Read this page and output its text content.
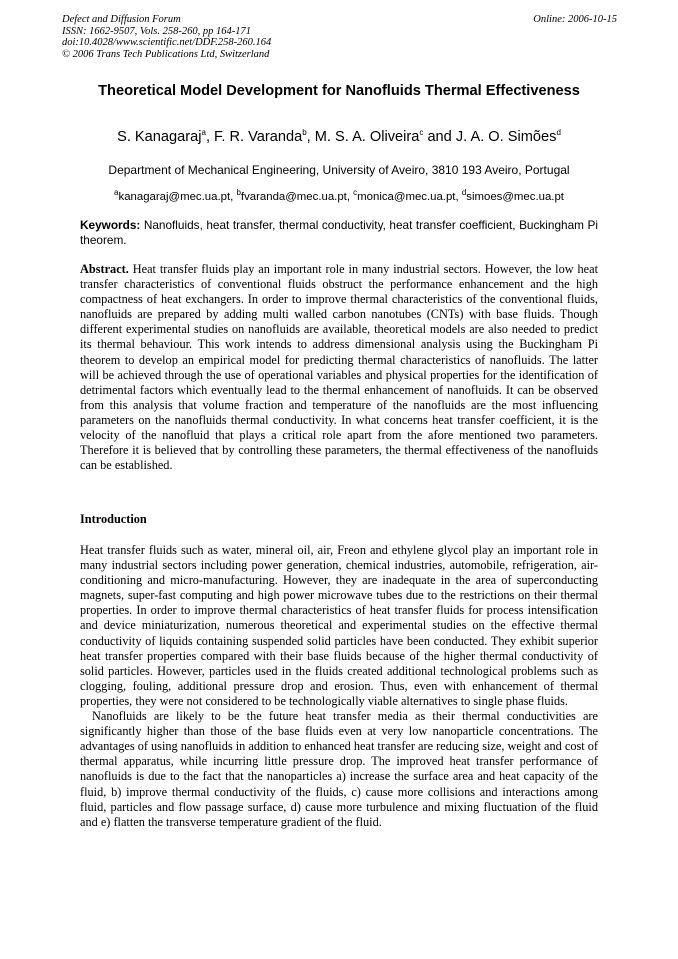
Defect and Diffusion Forum
ISSN: 1662-9507, Vols. 258-260, pp 164-171
doi:10.4028/www.scientific.net/DDF.258-260.164
© 2006 Trans Tech Publications Ltd, Switzerland
Online: 2006-10-15
Theoretical Model Development for Nanofluids Thermal Effectiveness
S. Kanagaraj$^a$, F. R. Varanda$^b$, M. S. A. Oliveira$^c$ and J. A. O. Simões$^d$
Department of Mechanical Engineering, University of Aveiro, 3810 193 Aveiro, Portugal
$^a$kanagaraj@mec.ua.pt, $^b$fvaranda@mec.ua.pt, $^c$monica@mec.ua.pt, $^d$simoes@mec.ua.pt
Keywords: Nanofluids, heat transfer, thermal conductivity, heat transfer coefficient, Buckingham Pi theorem.
Abstract. Heat transfer fluids play an important role in many industrial sectors. However, the low heat transfer characteristics of conventional fluids obstruct the performance enhancement and the high compactness of heat exchangers. In order to improve thermal characteristics of the conventional fluids, nanofluids are prepared by adding multi walled carbon nanotubes (CNTs) with base fluids. Though different experimental studies on nanofluids are available, theoretical models are also needed to predict its thermal behaviour. This work intends to address dimensional analysis using the Buckingham Pi theorem to develop an empirical model for predicting thermal characteristics of nanofluids. The latter will be achieved through the use of operational variables and physical properties for the identification of detrimental factors which eventually lead to the thermal enhancement of nanofluids. It can be observed from this analysis that volume fraction and temperature of the nanofluids are the most influencing parameters on the nanofluids thermal conductivity. In what concerns heat transfer coefficient, it is the velocity of the nanofluid that plays a critical role apart from the afore mentioned two parameters. Therefore it is believed that by controlling these parameters, the thermal effectiveness of the nanofluids can be established.
Introduction

Heat transfer fluids such as water, mineral oil, air, Freon and ethylene glycol play an important role in many industrial sectors including power generation, chemical industries, automobile, refrigeration, air-conditioning and micro-manufacturing. However, they are inadequate in the area of superconducting magnets, super-fast computing and high power microwave tubes due to the restrictions on their thermal properties. In order to improve thermal characteristics of heat transfer fluids for process intensification and device miniaturization, numerous theoretical and experimental studies on the effective thermal conductivity of liquids containing suspended solid particles have been conducted. They exhibit superior heat transfer properties compared with their base fluids because of the higher thermal conductivity of solid particles. However, particles used in the fluids created additional technological problems such as clogging, fouling, additional pressure drop and erosion. Thus, even with enhancement of thermal properties, they were not considered to be technologically viable alternatives to single phase fluids.

Nanofluids are likely to be the future heat transfer media as their thermal conductivities are significantly higher than those of the base fluids even at very low nanoparticle concentrations. The advantages of using nanofluids in addition to enhanced heat transfer are reducing size, weight and cost of thermal apparatus, while incurring little pressure drop. The improved heat transfer performance of nanofluids is due to the fact that the nanoparticles a) increase the surface area and heat capacity of the fluid, b) improve thermal conductivity of the fluids, c) cause more collisions and interactions among fluid, particles and flow passage surface, d) cause more turbulence and mixing fluctuation of the fluid and e) flatten the transverse temperature gradient of the fluid.
